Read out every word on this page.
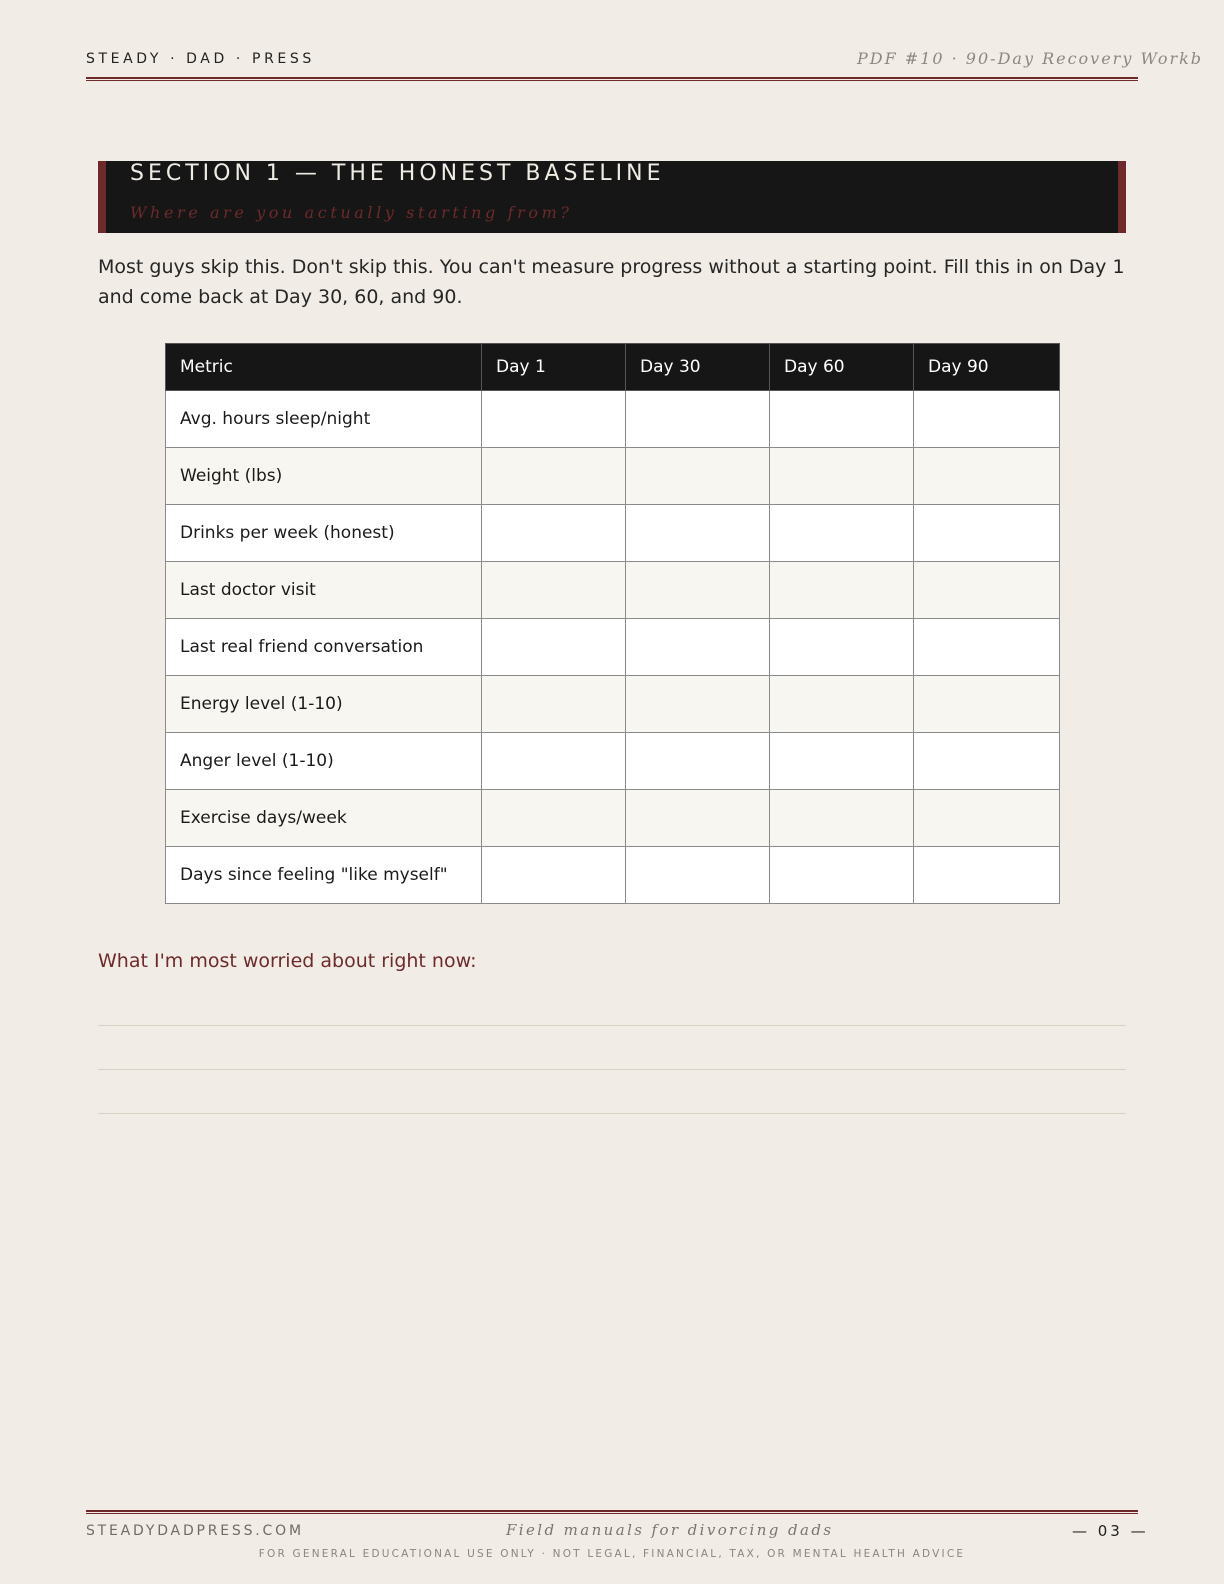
STEADY · DAD · PRESS	PDF #10 · 90-Day Recovery Workb
SECTION 1 — THE HONEST BASELINE
Where are you actually starting from?
Most guys skip this. Don't skip this. You can't measure progress without a starting point. Fill this in on Day 1 and come back at Day 30, 60, and 90.
Metric	Day 1	Day 30	Day 60	Day 90
Avg. hours sleep/night				
Weight (lbs)				
Drinks per week (honest)				
Last doctor visit				
Last real friend conversation				
Energy level (1-10)				
Anger level (1-10)				
Exercise days/week				
Days since feeling "like myself"				
What I'm most worried about right now:
STEADYDADPRESS.COM	Field manuals for divorcing dads	— 03 —
FOR GENERAL EDUCATIONAL USE ONLY · NOT LEGAL, FINANCIAL, TAX, OR MENTAL HEALTH ADVICE
